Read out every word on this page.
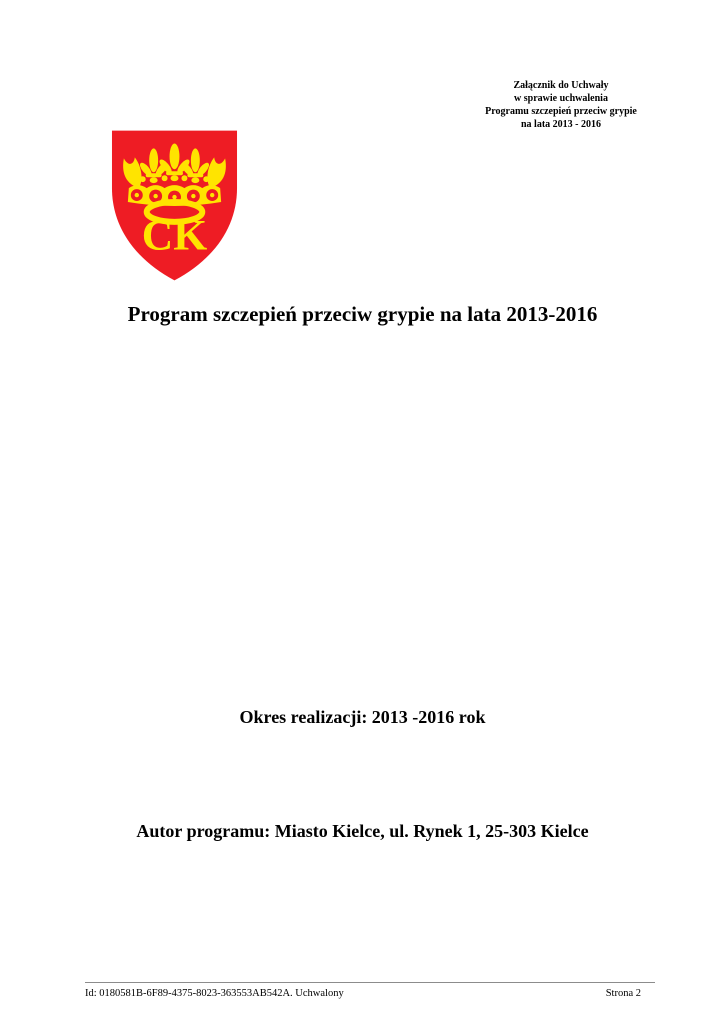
Załącznik do Uchwały
w sprawie uchwalenia
Programu szczepień przeciw grypie
na lata 2013 - 2016
CK
Program szczepień przeciw grypie na lata 2013-2016
Okres realizacji: 2013 -2016 rok
Autor programu: Miasto Kielce, ul. Rynek 1, 25-303 Kielce
Id: 0180581B-6F89-4375-8023-363553AB542A. Uchwalony	Strona 2
